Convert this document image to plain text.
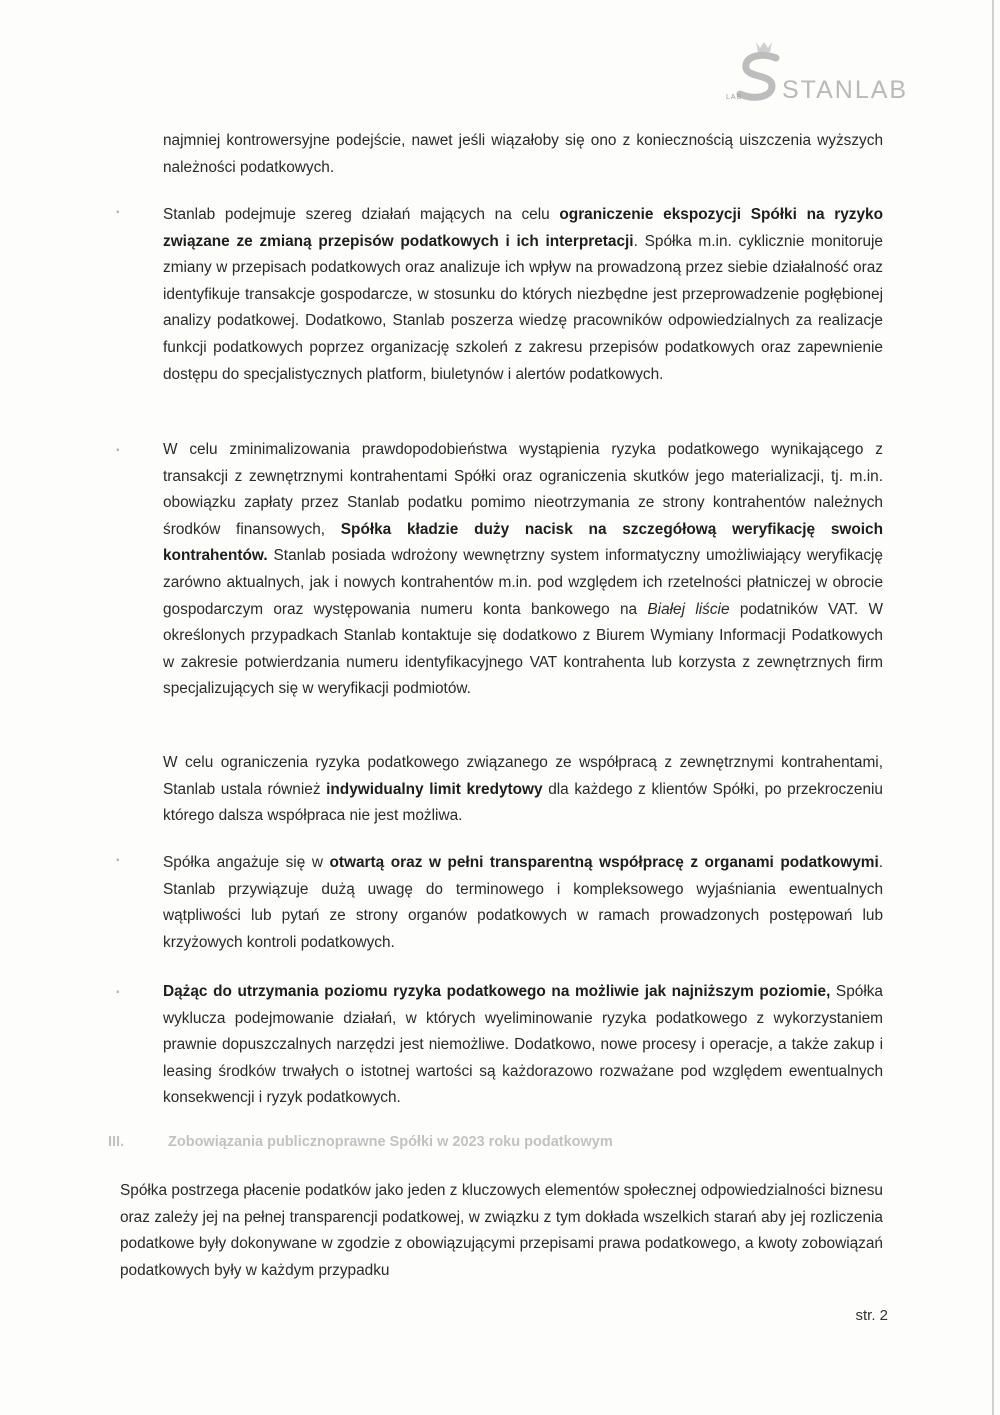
LAB STANLAB

najmniej kontrowersyjne podejście, nawet jeśli wiązałoby się ono z koniecznością uiszczenia wyższych należności podatkowych.

▪	Stanlab podejmuje szereg działań mających na celu ograniczenie ekspozycji Spółki na ryzyko związane ze zmianą przepisów podatkowych i ich interpretacji. Spółka m.in. cyklicznie monitoruje zmiany w przepisach podatkowych oraz analizuje ich wpływ na prowadzoną przez siebie działalność oraz identyfikuje transakcje gospodarcze, w stosunku do których niezbędne jest przeprowadzenie pogłębionej analizy podatkowej. Dodatkowo, Stanlab poszerza wiedzę pracowników odpowiedzialnych za realizacje funkcji podatkowych poprzez organizację szkoleń z zakresu przepisów podatkowych oraz zapewnienie dostępu do specjalistycznych platform, biuletynów i alertów podatkowych.

▪	W celu zminimalizowania prawdopodobieństwa wystąpienia ryzyka podatkowego wynikającego z transakcji z zewnętrznymi kontrahentami Spółki oraz ograniczenia skutków jego materializacji, tj. m.in. obowiązku zapłaty przez Stanlab podatku pomimo nieotrzymania ze strony kontrahentów należnych środków finansowych, Spółka kładzie duży nacisk na szczegółową weryfikację swoich kontrahentów. Stanlab posiada wdrożony wewnętrzny system informatyczny umożliwiający weryfikację zarówno aktualnych, jak i nowych kontrahentów m.in. pod względem ich rzetelności płatniczej w obrocie gospodarczym oraz występowania numeru konta bankowego na Białej liście podatników VAT. W określonych przypadkach Stanlab kontaktuje się dodatkowo z Biurem Wymiany Informacji Podatkowych w zakresie potwierdzania numeru identyfikacyjnego VAT kontrahenta lub korzysta z zewnętrznych firm specjalizujących się w weryfikacji podmiotów.

W celu ograniczenia ryzyka podatkowego związanego ze współpracą z zewnętrznymi kontrahentami, Stanlab ustala również indywidualny limit kredytowy dla każdego z klientów Spółki, po przekroczeniu którego dalsza współpraca nie jest możliwa.

▪	Spółka angażuje się w otwartą oraz w pełni transparentną współpracę z organami podatkowymi. Stanlab przywiązuje dużą uwagę do terminowego i kompleksowego wyjaśniania ewentualnych wątpliwości lub pytań ze strony organów podatkowych w ramach prowadzonych postępowań lub krzyżowych kontroli podatkowych.

▪	Dążąc do utrzymania poziomu ryzyka podatkowego na możliwie jak najniższym poziomie, Spółka wyklucza podejmowanie działań, w których wyeliminowanie ryzyka podatkowego z wykorzystaniem prawnie dopuszczalnych narzędzi jest niemożliwe. Dodatkowo, nowe procesy i operacje, a także zakup i leasing środków trwałych o istotnej wartości są każdorazowo rozważane pod względem ewentualnych konsekwencji i ryzyk podatkowych.

III.	Zobowiązania publicznoprawne Spółki w 2023 roku podatkowym

Spółka postrzega płacenie podatków jako jeden z kluczowych elementów społecznej odpowiedzialności biznesu oraz zależy jej na pełnej transparencji podatkowej, w związku z tym dokłada wszelkich starań aby jej rozliczenia podatkowe były dokonywane w zgodzie z obowiązującymi przepisami prawa podatkowego, a kwoty zobowiązań podatkowych były w każdym przypadku

str. 2
